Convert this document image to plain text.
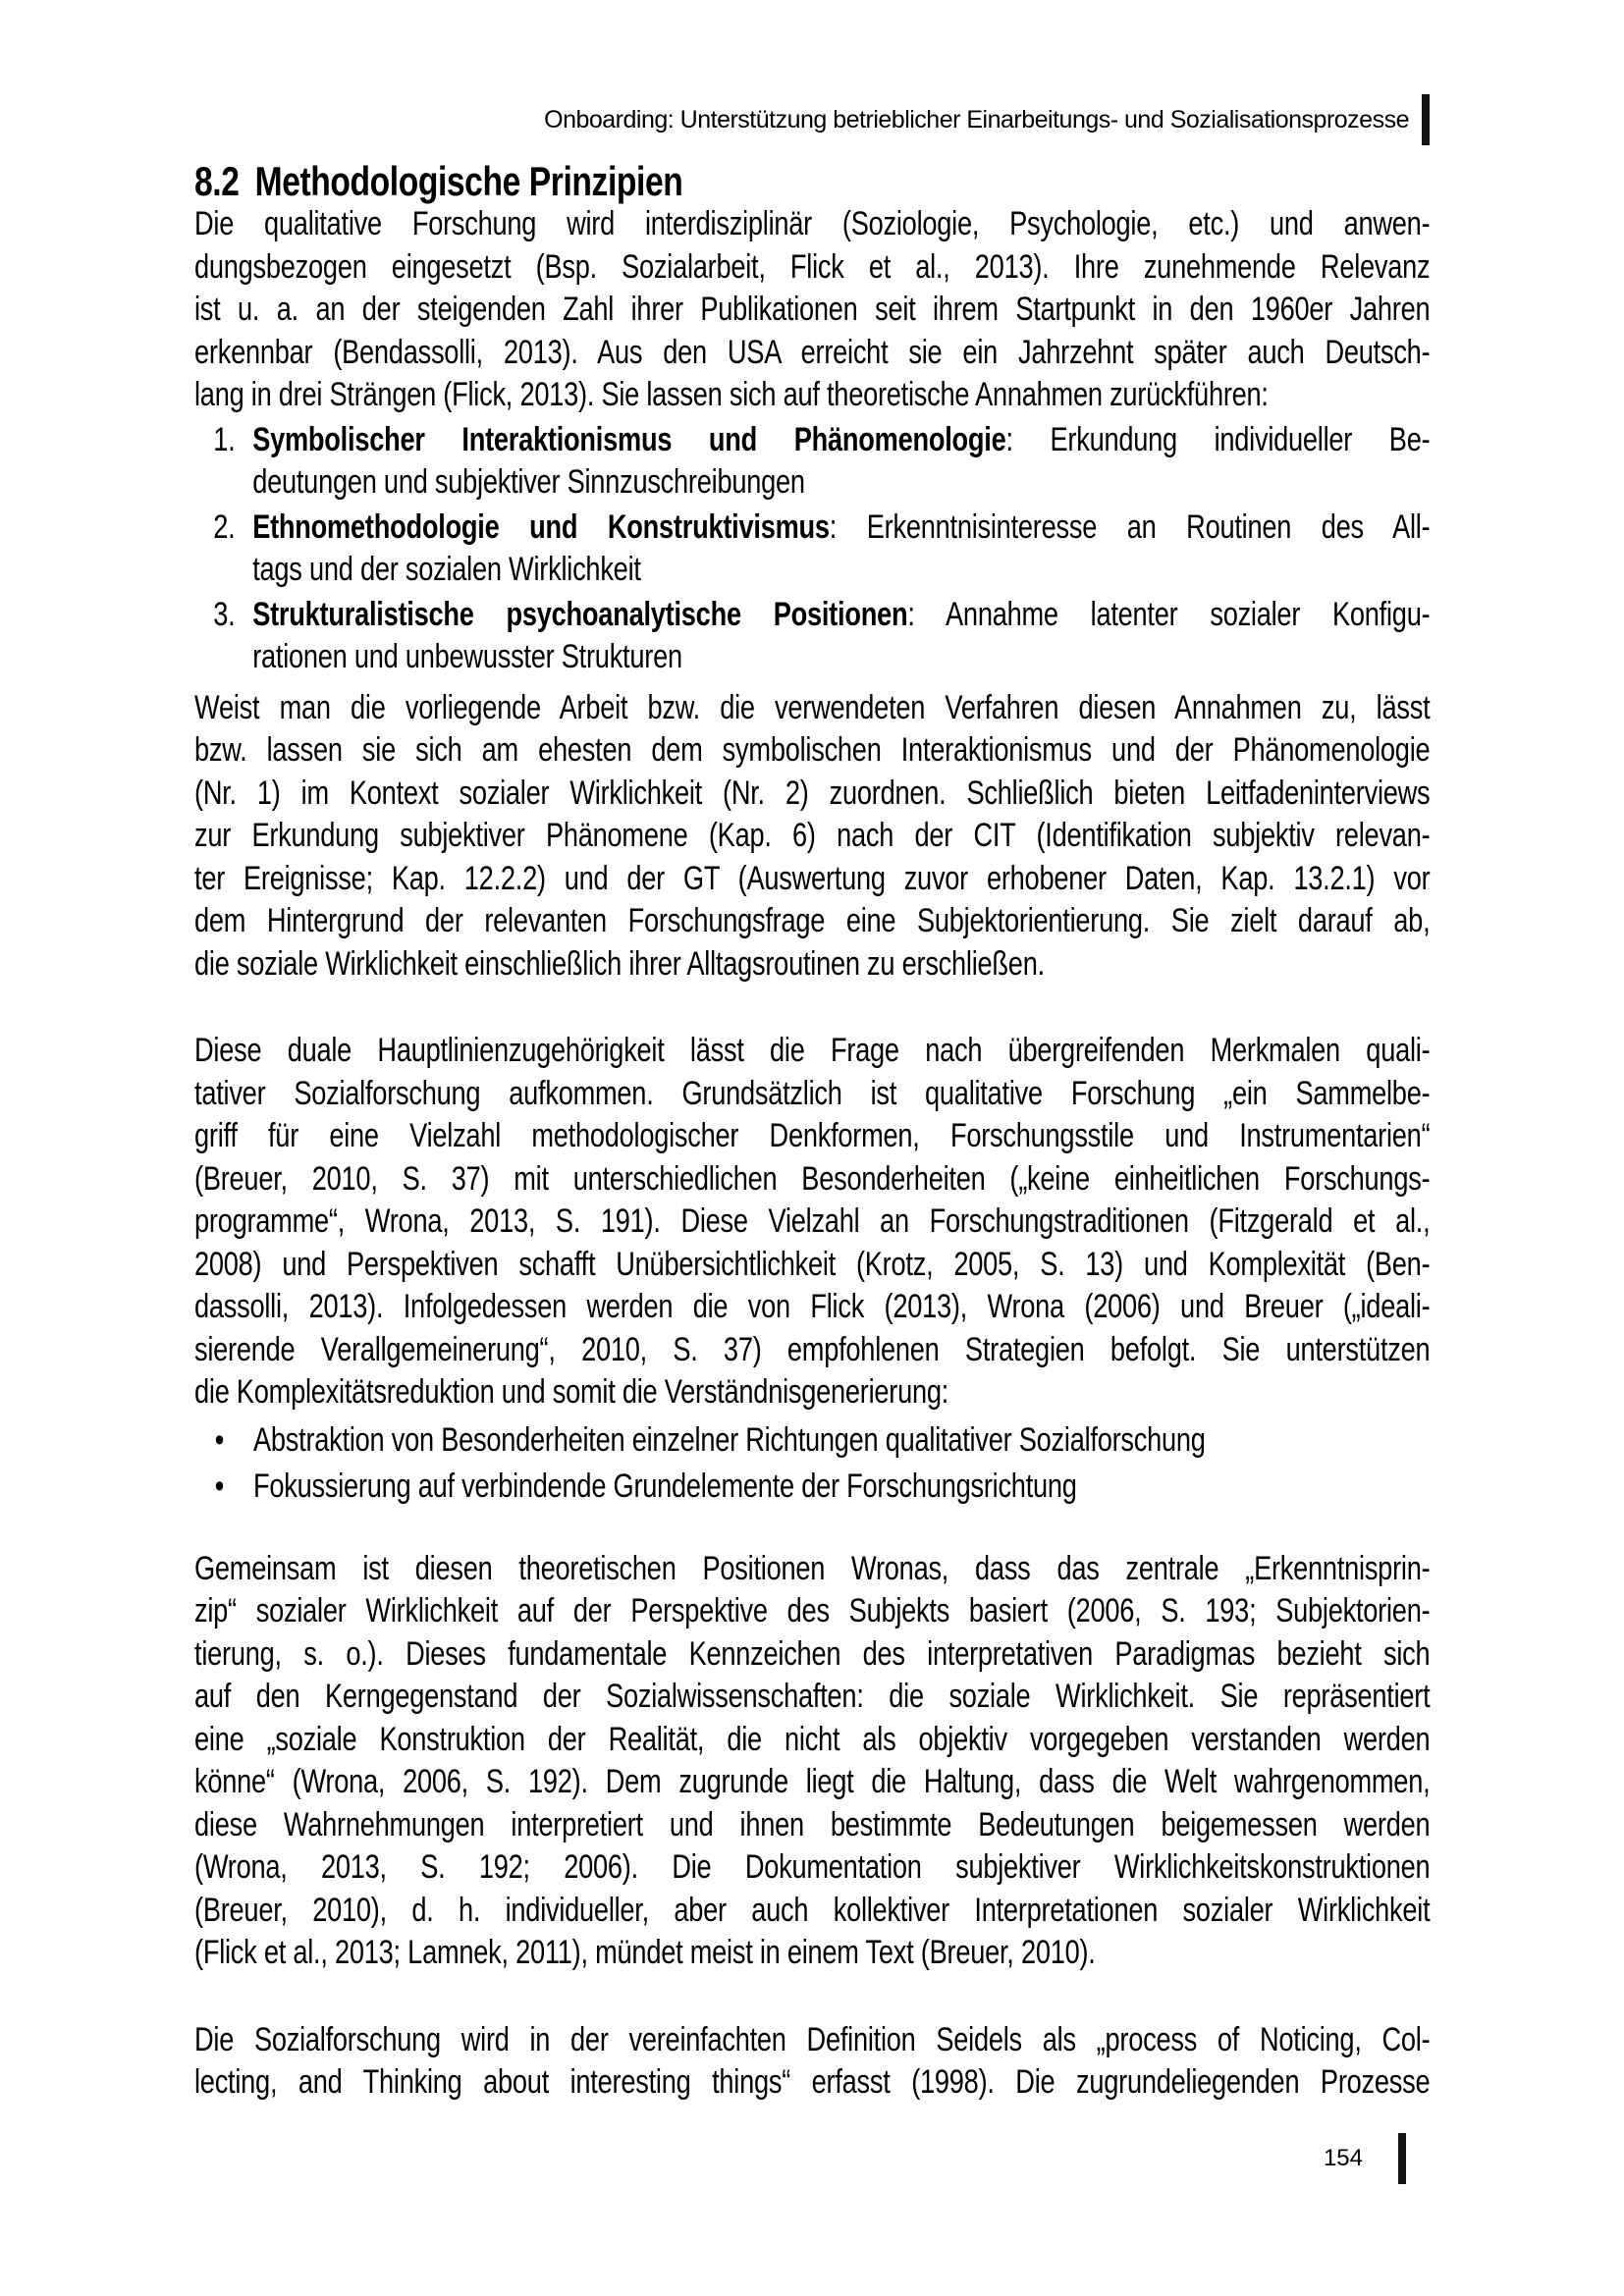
Onboarding: Unterstützung betrieblicher Einarbeitungs- und Sozialisationsprozesse
8.2 Methodologische Prinzipien
Die qualitative Forschung wird interdisziplinär (Soziologie, Psychologie, etc.) und anwen-
dungsbezogen eingesetzt (Bsp. Sozialarbeit, Flick et al., 2013). Ihre zunehmende Relevanz
ist u. a. an der steigenden Zahl ihrer Publikationen seit ihrem Startpunkt in den 1960er Jahren
erkennbar (Bendassolli, 2013). Aus den USA erreicht sie ein Jahrzehnt später auch Deutsch-
lang in drei Strängen (Flick, 2013). Sie lassen sich auf theoretische Annahmen zurückführen:
1. Symbolischer Interaktionismus und Phänomenologie: Erkundung individueller Be-
deutungen und subjektiver Sinnzuschreibungen
2. Ethnomethodologie und Konstruktivismus: Erkenntnisinteresse an Routinen des All-
tags und der sozialen Wirklichkeit
3. Strukturalistische psychoanalytische Positionen: Annahme latenter sozialer Konfigu-
rationen und unbewusster Strukturen
Weist man die vorliegende Arbeit bzw. die verwendeten Verfahren diesen Annahmen zu, lässt
bzw. lassen sie sich am ehesten dem symbolischen Interaktionismus und der Phänomenologie
(Nr. 1) im Kontext sozialer Wirklichkeit (Nr. 2) zuordnen. Schließlich bieten Leitfadeninterviews
zur Erkundung subjektiver Phänomene (Kap. 6) nach der CIT (Identifikation subjektiv relevan-
ter Ereignisse; Kap. 12.2.2) und der GT (Auswertung zuvor erhobener Daten, Kap. 13.2.1) vor
dem Hintergrund der relevanten Forschungsfrage eine Subjektorientierung. Sie zielt darauf ab,
die soziale Wirklichkeit einschließlich ihrer Alltagsroutinen zu erschließen.
Diese duale Hauptlinienzugehörigkeit lässt die Frage nach übergreifenden Merkmalen quali-
tativer Sozialforschung aufkommen. Grundsätzlich ist qualitative Forschung „ein Sammelbe-
griff für eine Vielzahl methodologischer Denkformen, Forschungsstile und Instrumentarien“
(Breuer, 2010, S. 37) mit unterschiedlichen Besonderheiten („keine einheitlichen Forschungs-
programme“, Wrona, 2013, S. 191). Diese Vielzahl an Forschungstraditionen (Fitzgerald et al.,
2008) und Perspektiven schafft Unübersichtlichkeit (Krotz, 2005, S. 13) und Komplexität (Ben-
dassolli, 2013). Infolgedessen werden die von Flick (2013), Wrona (2006) und Breuer („ideali-
sierende Verallgemeinerung“, 2010, S. 37) empfohlenen Strategien befolgt. Sie unterstützen
die Komplexitätsreduktion und somit die Verständnisgenerierung:
• Abstraktion von Besonderheiten einzelner Richtungen qualitativer Sozialforschung
• Fokussierung auf verbindende Grundelemente der Forschungsrichtung
Gemeinsam ist diesen theoretischen Positionen Wronas, dass das zentrale „Erkenntnisprin-
zip“ sozialer Wirklichkeit auf der Perspektive des Subjekts basiert (2006, S. 193; Subjektorien-
tierung, s. o.). Dieses fundamentale Kennzeichen des interpretativen Paradigmas bezieht sich
auf den Kerngegenstand der Sozialwissenschaften: die soziale Wirklichkeit. Sie repräsentiert
eine „soziale Konstruktion der Realität, die nicht als objektiv vorgegeben verstanden werden
könne“ (Wrona, 2006, S. 192). Dem zugrunde liegt die Haltung, dass die Welt wahrgenommen,
diese Wahrnehmungen interpretiert und ihnen bestimmte Bedeutungen beigemessen werden
(Wrona, 2013, S. 192; 2006). Die Dokumentation subjektiver Wirklichkeitskonstruktionen
(Breuer, 2010), d. h. individueller, aber auch kollektiver Interpretationen sozialer Wirklichkeit
(Flick et al., 2013; Lamnek, 2011), mündet meist in einem Text (Breuer, 2010).
Die Sozialforschung wird in der vereinfachten Definition Seidels als „process of Noticing, Col-
lecting, and Thinking about interesting things“ erfasst (1998). Die zugrundeliegenden Prozesse
154
